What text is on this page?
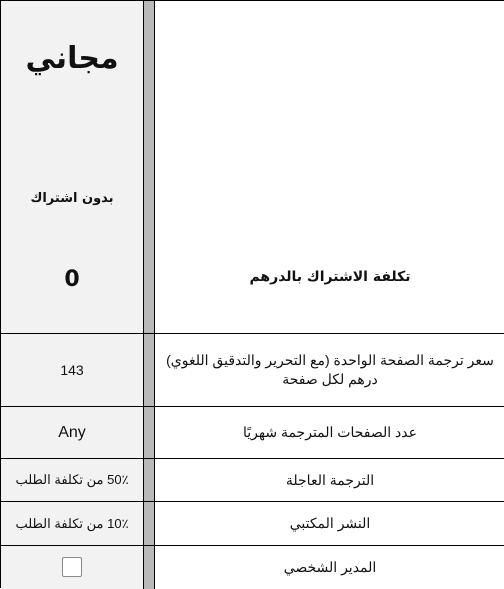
مجاني
بدون اشتراك
0	تكلفة الاشتراك بالدرهم
سعر ترجمة الصفحة الواحدة (مع التحرير والتدقيق اللغوي) درهم لكل صفحة
143
عدد الصفحات المترجمة شهريًا
Any
الترجمة العاجلة
50٪ من تكلفة الطلب
النشر المكتبي
10٪ من تكلفة الطلب
المدير الشخصي
